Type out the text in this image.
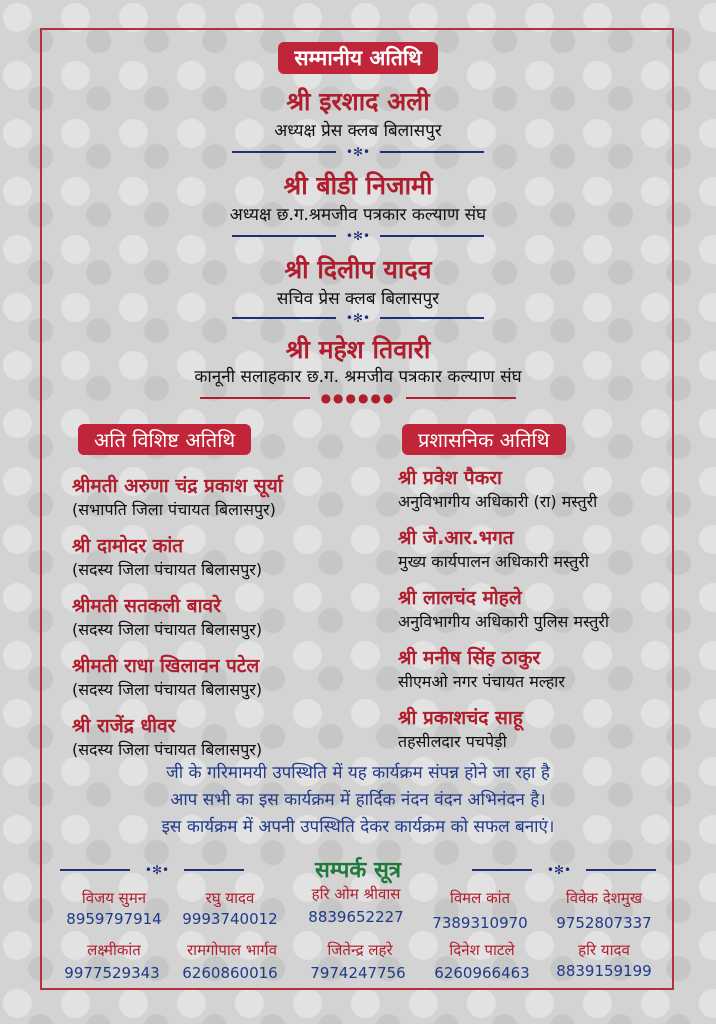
सम्मानीय अतिथि
श्री इरशाद अली
अध्यक्ष प्रेस क्लब बिलासपुर
•✻•
श्री बीडी निजामी
अध्यक्ष छ.ग.श्रमजीव पत्रकार कल्याण संघ
•✻•
श्री दिलीप यादव
सचिव प्रेस क्लब बिलासपुर
•✻•
श्री महेश तिवारी
कानूनी सलाहकार छ.ग. श्रमजीव पत्रकार कल्याण संघ
●●●●●●
अति विशिष्ट अतिथि
श्रीमती अरुणा चंद्र प्रकाश सूर्या
(सभापति जिला पंचायत बिलासपुर)
श्री दामोदर कांत
(सदस्य जिला पंचायत बिलासपुर)
श्रीमती सतकली बावरे
(सदस्य जिला पंचायत बिलासपुर)
श्रीमती राधा खिलावन पटेल
(सदस्य जिला पंचायत बिलासपुर)
श्री राजेंद्र धीवर
(सदस्य जिला पंचायत बिलासपुर)
प्रशासनिक अतिथि
श्री प्रवेश पैकरा
अनुविभागीय अधिकारी (रा) मस्तुरी
श्री जे.आर.भगत
मुख्य कार्यपालन अधिकारी मस्तुरी
श्री लालचंद मोहले
अनुविभागीय अधिकारी पुलिस मस्तुरी
श्री मनीष सिंह ठाकुर
सीएमओ नगर पंचायत मल्हार
श्री प्रकाशचंद साहू
तहसीलदार पचपेड़ी
जी के गरिमामयी उपस्थिति में यह कार्यक्रम संपन्न होने जा रहा है
आप सभी का इस कार्यक्रम में हार्दिक नंदन वंदन अभिनंदन है।
इस कार्यक्रम में अपनी उपस्थिति देकर कार्यक्रम को सफल बनाएं।
•✻•	•✻•
सम्पर्क सूत्र
विजय सुमन
8959797914
रघु यादव
9993740012
हरि ओम श्रीवास
8839652227
विमल कांत
7389310970
विवेक देशमुख
9752807337
लक्ष्मीकांत
9977529343
रामगोपाल भार्गव
6260860016
जितेन्द्र लहरे
7974247756
दिनेश पाटले
6260966463
हरि यादव
8839159199
